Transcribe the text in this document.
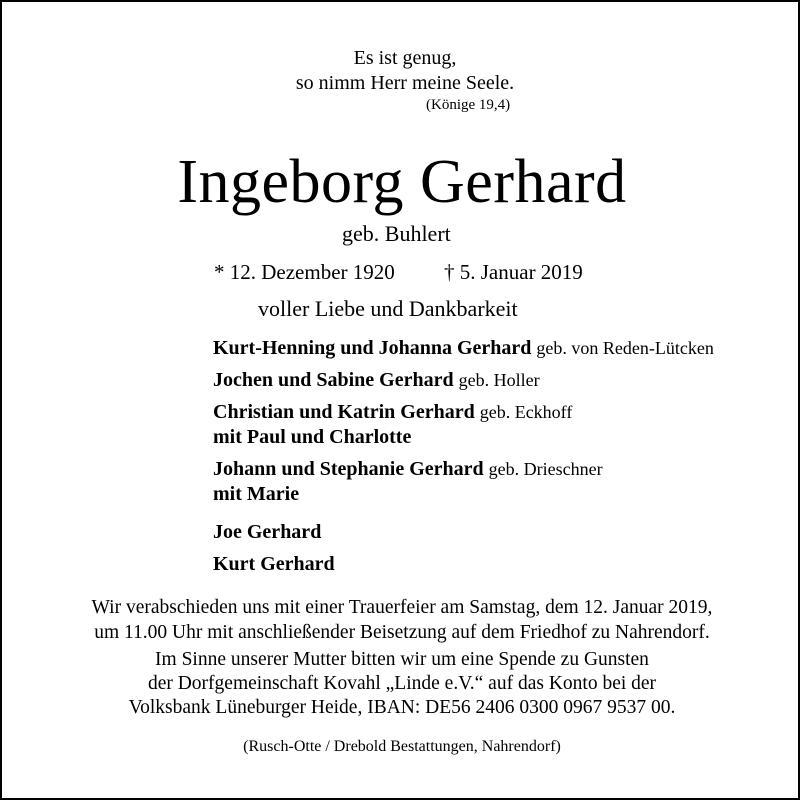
Es ist genug,
so nimm Herr meine Seele.
(Könige 19,4)
Ingeborg Gerhard
geb. Buhlert
* 12. Dezember 1920 † 5. Januar 2019
voller Liebe und Dankbarkeit
Kurt-Henning und Johanna Gerhard geb. von Reden-Lütcken
Jochen und Sabine Gerhard geb. Holler
Christian und Katrin Gerhard geb. Eckhoff
mit Paul und Charlotte
Johann und Stephanie Gerhard geb. Drieschner
mit Marie
Joe Gerhard
Kurt Gerhard
Wir verabschieden uns mit einer Trauerfeier am Samstag, dem 12. Januar 2019,
um 11.00 Uhr mit anschließender Beisetzung auf dem Friedhof zu Nahrendorf.
Im Sinne unserer Mutter bitten wir um eine Spende zu Gunsten
der Dorfgemeinschaft Kovahl „Linde e.V.“ auf das Konto bei der
Volksbank Lüneburger Heide, IBAN: DE56 2406 0300 0967 9537 00.
(Rusch-Otte / Drebold Bestattungen, Nahrendorf)
